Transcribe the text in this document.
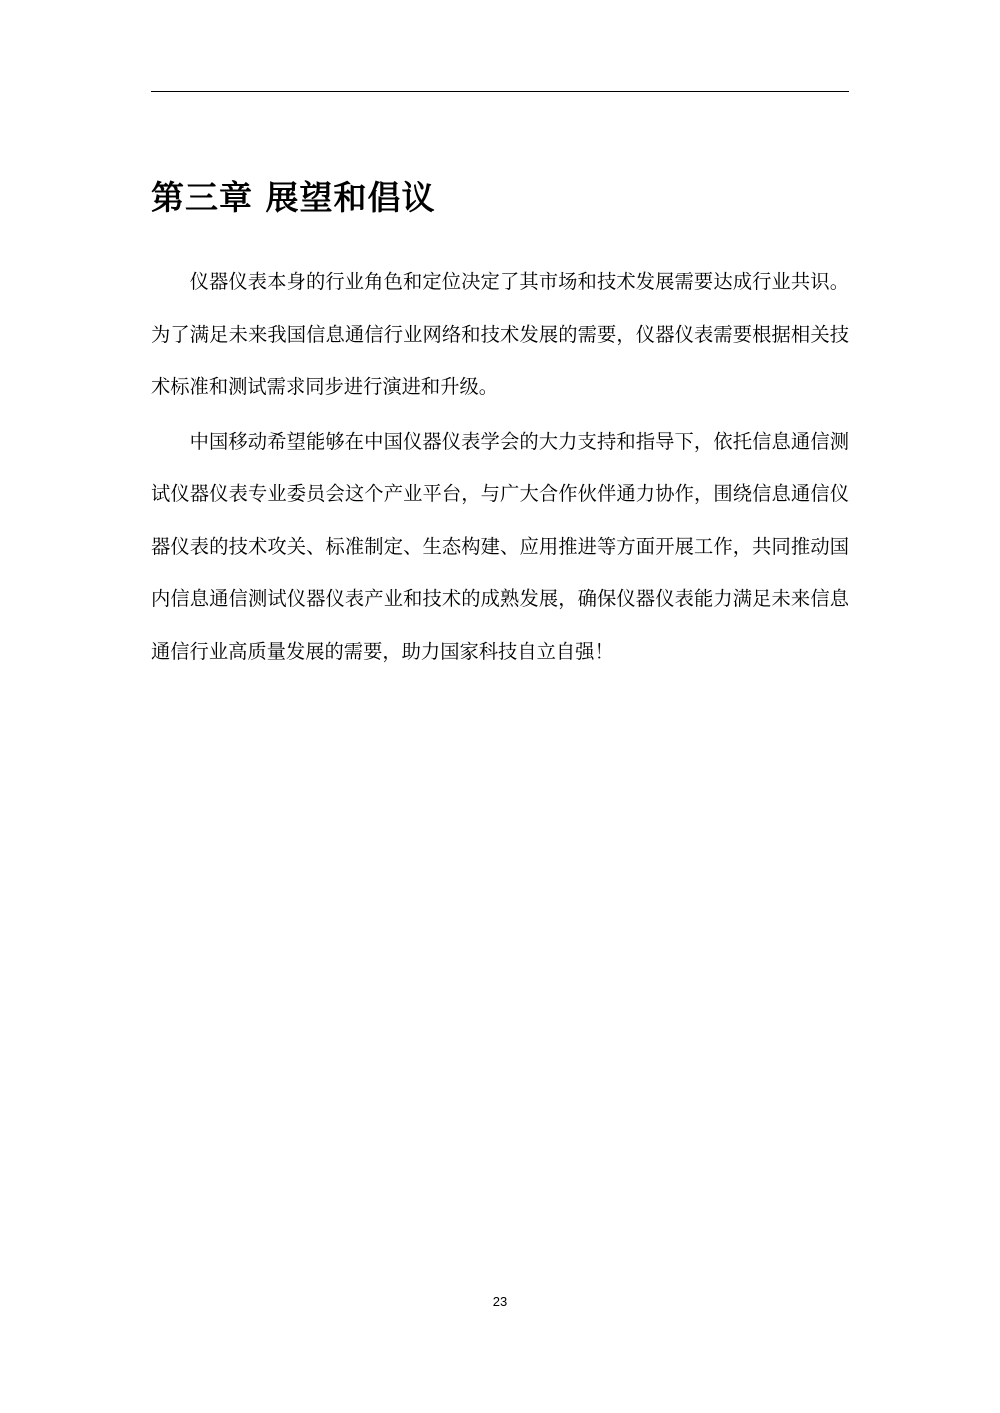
第三章 展望和倡议

仪器仪表本身的行业角色和定位决定了其市场和技术发展需要达成行业共识。为了满足未来我国信息通信行业网络和技术发展的需要，仪器仪表需要根据相关技术标准和测试需求同步进行演进和升级。

中国移动希望能够在中国仪器仪表学会的大力支持和指导下，依托信息通信测试仪器仪表专业委员会这个产业平台，与广大合作伙伴通力协作，围绕信息通信仪器仪表的技术攻关、标准制定、生态构建、应用推进等方面开展工作，共同推动国内信息通信测试仪器仪表产业和技术的成熟发展，确保仪器仪表能力满足未来信息通信行业高质量发展的需要，助力国家科技自立自强！

23
